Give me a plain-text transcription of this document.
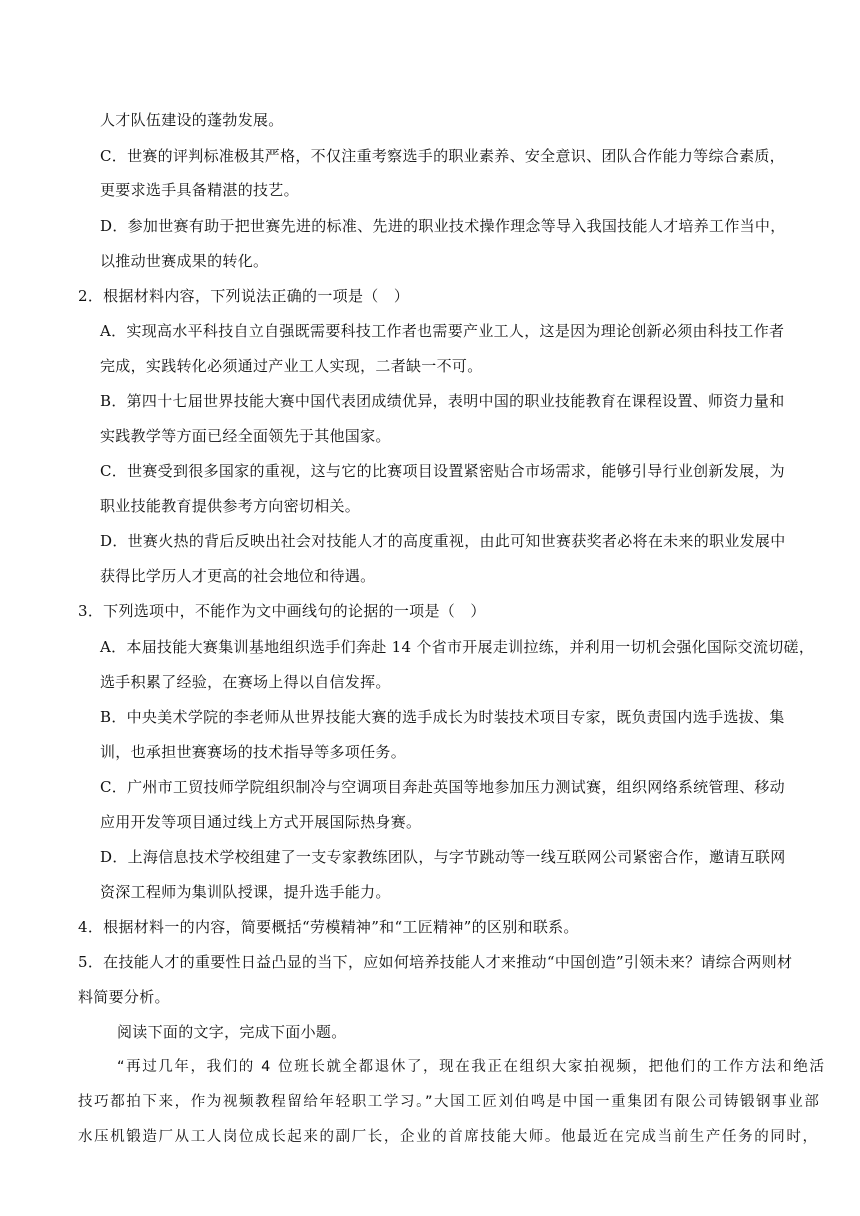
人才队伍建设的蓬勃发展。
C．世赛的评判标准极其严格，不仅注重考察选手的职业素养、安全意识、团队合作能力等综合素质，
更要求选手具备精湛的技艺。
D．参加世赛有助于把世赛先进的标准、先进的职业技术操作理念等导入我国技能人才培养工作当中，
以推动世赛成果的转化。
2．根据材料内容，下列说法正确的一项是（　）
A．实现高水平科技自立自强既需要科技工作者也需要产业工人，这是因为理论创新必须由科技工作者
完成，实践转化必须通过产业工人实现，二者缺一不可。
B．第四十七届世界技能大赛中国代表团成绩优异，表明中国的职业技能教育在课程设置、师资力量和
实践教学等方面已经全面领先于其他国家。
C．世赛受到很多国家的重视，这与它的比赛项目设置紧密贴合市场需求，能够引导行业创新发展，为
职业技能教育提供参考方向密切相关。
D．世赛火热的背后反映出社会对技能人才的高度重视，由此可知世赛获奖者必将在未来的职业发展中
获得比学历人才更高的社会地位和待遇。
3．下列选项中，不能作为文中画线句的论据的一项是（　）
A．本届技能大赛集训基地组织选手们奔赴 14 个省市开展走训拉练，并利用一切机会强化国际交流切磋，
选手积累了经验，在赛场上得以自信发挥。
B．中央美术学院的李老师从世界技能大赛的选手成长为时装技术项目专家，既负责国内选手选拔、集
训，也承担世赛赛场的技术指导等多项任务。
C．广州市工贸技师学院组织制冷与空调项目奔赴英国等地参加压力测试赛，组织网络系统管理、移动
应用开发等项目通过线上方式开展国际热身赛。
D．上海信息技术学校组建了一支专家教练团队，与字节跳动等一线互联网公司紧密合作，邀请互联网
资深工程师为集训队授课，提升选手能力。
4．根据材料一的内容，简要概括“劳模精神”和“工匠精神”的区别和联系。
5．在技能人才的重要性日益凸显的当下，应如何培养技能人才来推动“中国创造”引领未来？请综合两则材
料简要分析。
阅读下面的文字，完成下面小题。
“再过几年，我们的 4 位班长就全都退休了，现在我正在组织大家拍视频，把他们的工作方法和绝活
技巧都拍下来，作为视频教程留给年轻职工学习。”大国工匠刘伯鸣是中国一重集团有限公司铸锻钢事业部
水压机锻造厂从工人岗位成长起来的副厂长，企业的首席技能大师。他最近在完成当前生产任务的同时，
